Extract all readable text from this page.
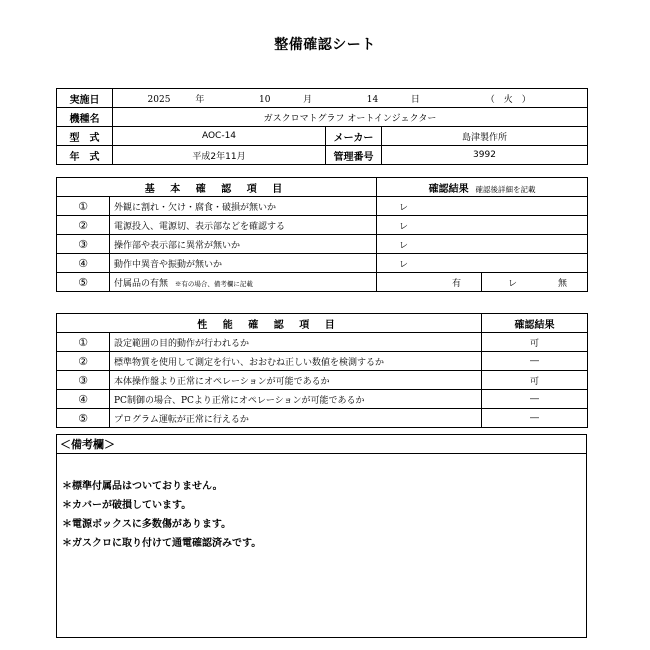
整備確認シート
実施日	2025 年 10 月 14 日 （　火　）		
機種名	ガスクロマトグラフ オートインジェクター		
型　式	AOC-14	メーカー	島津製作所
年　式	平成2年11月	管理番号	3992
基 本 確 認 項 目		確認結果 確認後詳細を記載	
①	外観に割れ・欠け・腐食・破損が無いか	レ	
②	電源投入、電源切、表示部などを確認する	レ	
③	操作部や表示部に異常が無いか	レ	
④	動作中異音や振動が無いか	レ	
⑤	付属品の有無 ※有の場合、備考欄に記載	有	レ 無
性 能 確 認 項 目		確認結果
①	設定範囲の目的動作が行われるか	可
②	標準物質を使用して測定を行い、おおむね正しい数値を検測するか	―
③	本体操作盤より正常にオペレーションが可能であるか	可
④	PC制御の場合、PCより正常にオペレーションが可能であるか	―
⑤	プログラム運転が正常に行えるか	―
＜備考欄＞
＊標準付属品はついておりません。
＊カバーが破損しています。
＊電源ボックスに多数傷があります。
＊ガスクロに取り付けて通電確認済みです。
